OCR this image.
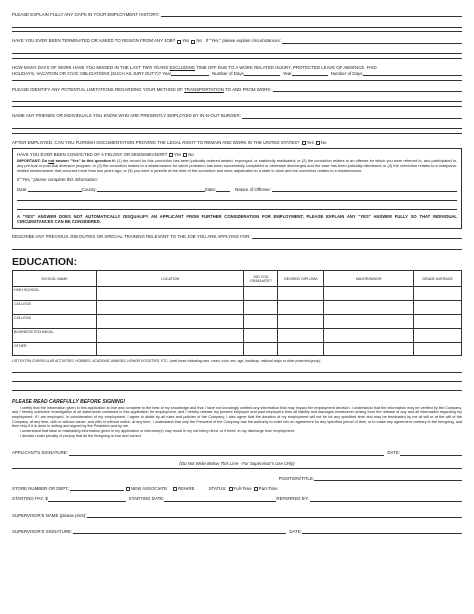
PLEASE EXPLAIN FULLY ANY GAPS IN YOUR EMPLOYMENT HISTORY:
HAVE YOU EVER BEEN TERMINATED OR ASKED TO RESIGN FROM ANY JOB? Yes No If "Yes," please explain circumstances:
HOW MANY DAYS OF WORK HAVE YOU MISSED IN THE LAST TWO YEARS EXCLUDING TIME OFF DUE TO A WORK RELATED INJURY, PROTECTED LEAVE OF ABSENCE, PAID
HOLIDAYS, VACATION OR CIVIC OBLIGATIONS (SUCH AS JURY DUTY)? Year	Number of Days	Year	Number of Days
PLEASE IDENTIFY ANY POTENTIAL LIMITATIONS REGARDING YOUR METHOD OF TRANSPORTATION TO AND FROM WORK:
NAME ANY FRIENDS OR INDIVIDUALS YOU KNOW WHO ARE PRESENTLY EMPLOYED BY IN-N-OUT BURGER:
AFTER EMPLOYED, CAN YOU FURNISH DOCUMENTATION PROVING THE LEGAL RIGHT TO REMAIN AND WORK IN THE UNITED STATES? Yes No
HAVE YOU EVER BEEN CONVICTED OF A FELONY OR MISDEMEANOR? Yes No
IMPORTANT: Do not answer "Yes" to this question if: (1) the record for this conviction has been judicially ordered sealed, expunged, or statutorily eradicated; or (2) the conviction relates to an offense for which you were referred to, and participated in, any pre-trial or post-trial diversion program; or (3) the conviction relates to a misdemeanor for which probation has been successfully completed or otherwise discharged and the case has been judicially dismissed; or (4) the conviction relates to a marijuana-related misdemeanor that occurred more than two years ago; or (5) you were a juvenile at the time of the conviction and were adjudicated in a state in Utah and the conviction relates to a misdemeanor.
If "Yes," please complete this information:
Date:	County:	State:	Nature of Offense:
A "YES" ANSWER DOES NOT AUTOMATICALLY DISQUALIFY AN APPLICANT FROM FURTHER CONSIDERATION FOR EMPLOYMENT. PLEASE EXPLAIN ANY "YES" ANSWER FULLY SO THAT INDIVIDUAL CIRCUMSTANCES CAN BE CONSIDERED.
DESCRIBE ANY PREVIOUS JOB DUTIES OR SPECIAL TRAINING RELEVANT TO THE JOB YOU ARE APPLYING FOR:
EDUCATION:
SCHOOL NAME	LOCATION	DID YOU GRADUATE?	DEGREE/ DIPLOMA	MAJOR/MINOR	GRADE AVERAGE
HIGH SCHOOL					
COLLEGE					
COLLEGE					
BUSINESS/TECHNICAL					
OTHER					
LIST EXTRA CURRICULAR ACTIVITIES, HOBBIES, ACADEMIC AWARDS, HONOR SOCIETIES, ETC. (omit those indicating race, creed, color, sex, age, handicap, national origin or other protected group)
PLEASE READ CAREFULLY BEFORE SIGNING!
I certify that the information given in this application is true and complete to the best of my knowledge and that I have not knowingly omitted any information that may impact the employment decision. I understand that the information may be verified by the Company, and I hereby authorize investigation of all statements contained in this application for employment, and I hereby release my present employer and past employers from all liability and damages whatsoever arising from the release of any and all information regarding my employment. If I am employed, in consideration of my employment, I agree to abide by all rules and policies of the Company. I also agree that the duration of my employment will not be for any specified term and may be terminated by me at will or at the will of the Company, at any time, with or without cause, and with or without notice, at any time. I understand that only the President of the Company has the authority to enter into an agreement for any specified period of time, or to make any agreement contrary to the foregoing, and then only if it is done in writing and signed by the President and by me.
I understand that false or misleading information given in my application or interview(s) may result in my not being hired, or if hired, in my discharge from employment.
I declare under penalty of perjury that all the foregoing is true and correct.
APPLICANT'S SIGNATURE:	DATE:
(Do Not Write Below This Line - For Supervisor's Use Only)
POSITION/TITLE:
STORE NUMBER OR DEPT.:	NEW ASSOCIATE	REHIRE	STATUS: Full-Time Part-Time
STARTING PAY: $	STARTING DATE:	REFERRED BY:
SUPERVISOR'S NAME (please print):
SUPERVISOR'S SIGNATURE:	DATE:
